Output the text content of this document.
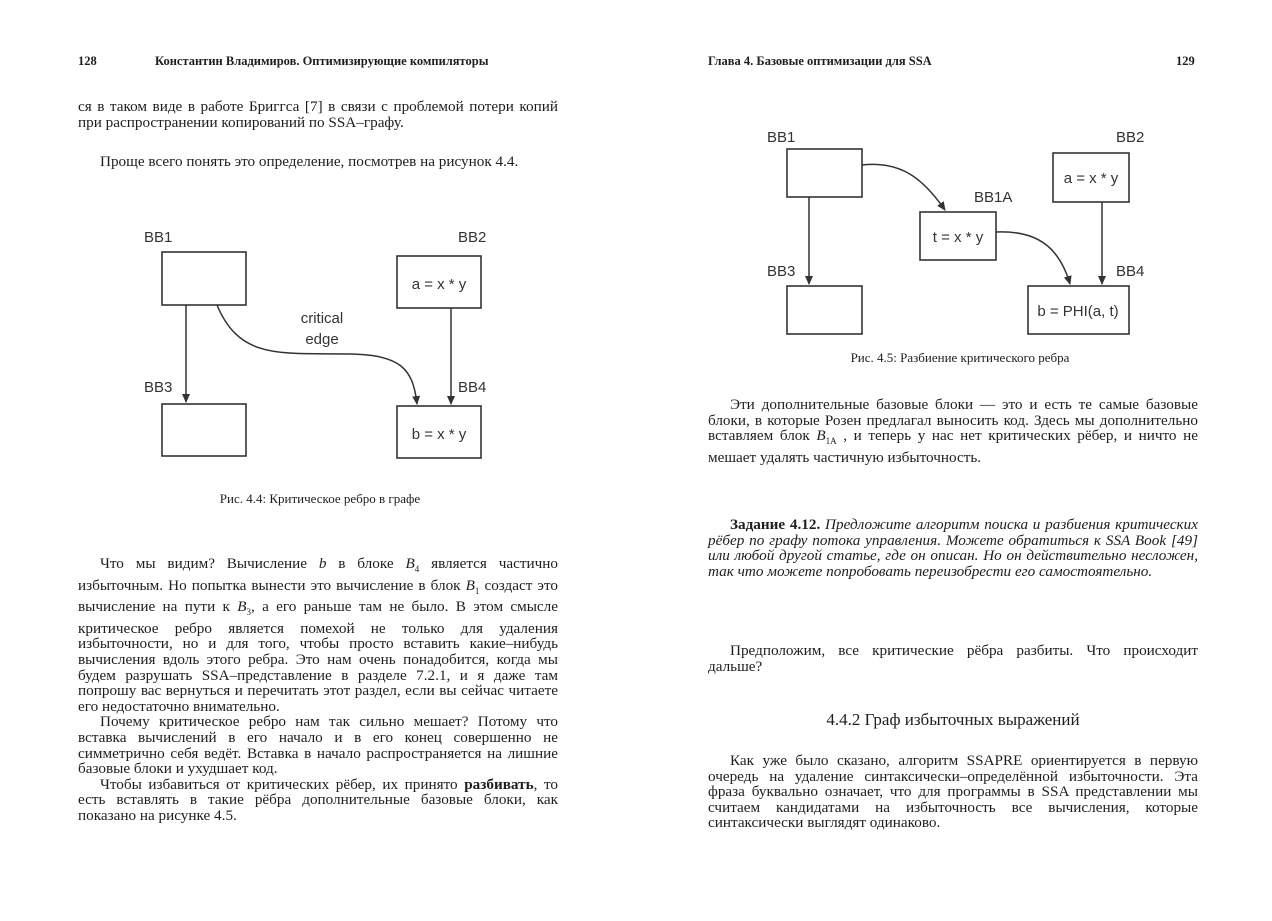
128	Константин Владимиров. Оптимизирующие компиляторы

ся в таком виде в работе Бриггса [7] в связи с проблемой потери копий при распространении копирований по SSA–графу.

Проще всего понять это определение, посмотрев на рисунок 4.4.

BB1	BB2
a = x * y
BB3	BB4
b = x * y
critical
edge
Рис. 4.4: Критическое ребро в графе

Что мы видим? Вычисление b в блоке $B_4$ является частично избыточным. Но попытка вынести это вычисление в блок $B_1$ создаст это вычисление на пути к $B_3$, а его раньше там не было. В этом смысле критическое ребро является помехой не только для удаления избыточности, но и для того, чтобы просто вставить какие–нибудь вычисления вдоль этого ребра. Это нам очень понадобится, когда мы будем разрушать SSA–представление в разделе 7.2.1, и я даже там попрошу вас вернуться и перечитать этот раздел, если вы сейчас читаете его недостаточно внимательно.

Почему критическое ребро нам так сильно мешает? Потому что вставка вычислений в его начало и в его конец совершенно не симметрично себя ведёт. Вставка в начало распространяется на лишние базовые блоки и ухудшает код.

Чтобы избавиться от критических рёбер, их принято разбивать, то есть вставлять в такие рёбра дополнительные базовые блоки, как показано на рисунке 4.5.

Глава 4. Базовые оптимизации для SSA	129
BB1
BB1A
t = x * y
BB2
a = x * y
BB3	BB4
b = PHI(a, t)
Рис. 4.5: Разбиение критического ребра

Эти дополнительные базовые блоки — это и есть те самые базовые блоки, в которые Розен предлагал выносить код. Здесь мы дополнительно вставляем блок $B_{1A}$ , и теперь у нас нет критических рёбер, и ничто не мешает удалять частичную избыточность.

Задание 4.12. Предложите алгоритм поиска и разбиения критических рёбер по графу потока управления. Можете обратиться к SSA Book [49] или любой другой статье, где он описан. Но он действительно несложен, так что можете попробовать переизобрести его самостоятельно.

Предположим, все критические рёбра разбиты. Что происходит дальше?

4.4.2 Граф избыточных выражений

Как уже было сказано, алгоритм SSAPRE ориентируется в первую очередь на удаление синтаксически–определённой избыточности. Эта фраза буквально означает, что для программы в SSA представлении мы считаем кандидатами на избыточность все вычисления, которые синтаксически выглядят одинаково.
